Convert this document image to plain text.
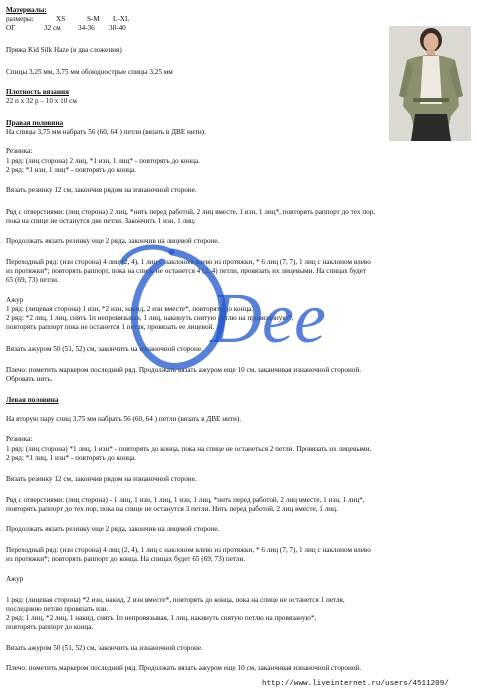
Материалы:
размеры:	XS	S-M L-XL
ОГ	32 см 34-36 38-40
Пряжа Kid Silk Haze (в два сложения)
Спицы 3,25 мм, 3,75 мм обоюдоострые спицы 3,25 мм
Плотность вязания
22 п х 32 р – 10 х 10 см
Правая половина
На спицы 3,75 мм набрать 56 (60, 64 ) петли (вязать в ДВЕ нити).
Резинка:
1 ряд: (лиц сторона) 2 лиц, *1 изн, 1 лиц* - повторять до конца.
2 ряд: *1 изн, 1 лиц* - повторять до конца.
Вязать резинку 12 см, закончив рядом на изнаночной стороне.
Ряд с отверстиями: (лиц сторона) 2 лиц, *нить перед работой, 2 лиц вместе, 1 изн, 1 лиц*, повторять раппорт до тех пор,
пока на спице не останутся две петли. Закончить 1 изн, 1 лиц.
Продолжать вязать резинку еще 2 ряда, закончив на лицевой стороне.
Переходный ряд: (изн сторона) 4 лиц (2, 4), 1 лиц с наклоном влево из протяжки, * 6 лиц (7, 7), 1 лиц с наклоном влево
из протяжки*; повторять раппорт, пока на спице не останется 4 (2, 4) петли, провязать их лицевыми. На спицах будет
65 (69, 73) петли.
Ажур
1 ряд: (лицевая сторона) 1 изн, *2 изн, накид, 2 изн вместе*, повторять до конца.
2 ряд: *2 лиц, 1 лиц, снять 1п непровязывая, 1 лиц, накинуть снятую петлю на провязанную*,
повторять раппорт пока не останется 1 петля, провязать ее лицевой.
Вязать ажуром 50 (51, 52) см, закончить на изнаночной стороне.
Плечо: пометить маркером последний ряд. Продолжать вязать ажуром еще 10 см, заканчивая изнаночной стороной.
Обровать нить.
Левая половина
На вторую пару спиц 3,75 мм набрать 56 (60, 64 ) петли (вязать в ДВЕ нити).
Резинка:
1 ряд: (лиц сторона) *1 лиц, 1 изн* - повторять до конца, пока на спице не останеться 2 петли. Провязать их лицевыми.
2 ряд: *1 лиц, 1 изн* - повторять до конца.
Вязать резинку 12 см, закончив рядом на изнаночной стороне.
Ряд с отверстиями: (лиц сторона) - 1 лиц, 1 изн, 1 лиц, 1 изн, 1 лиц, *нить перед работой, 2 лиц вместе, 1 изн, 1 лиц*,
повторять раппорт до тех пор, пока на спице не останутся 3 петли. Нить перед работой, 2 лиц вместе, 1 лиц.
Продолжать вязать резинку еще 2 ряда, закончив на лицевой стороне.
Переходный ряд: (изн сторона) 4 лиц (2, 4), 1 лиц с наклоном влево из протяжки, * 6 лиц (7, 7), 1 лиц с наклоном влево
из протяжки*; повторять раппорт до конца. На спицах будет 65 (69, 73) петли.
Ажур
1 ряд: (лицевая сторона) *2 изн, накид, 2 изн вместе*, повторять до конца, пока на спице не останется 1 петля,
последнюю петлю провязать изн.
2 ряд: 1 лиц, *2 лиц, 1 накид, снять 1п непровязывая, 1 лиц, накинуть снятую петлю на провязаную*,
повторять раппорт до конца.
Вязать ажуром 50 (51, 52) см, закончить на изнаночной стороне.
Плечо: пометить маркером последний ряд. Продолжать вязать ажуром еще 10 см, заканчивая изнаночной стороной.
Dee
http://www.liveinternet.ru/users/4511209/
